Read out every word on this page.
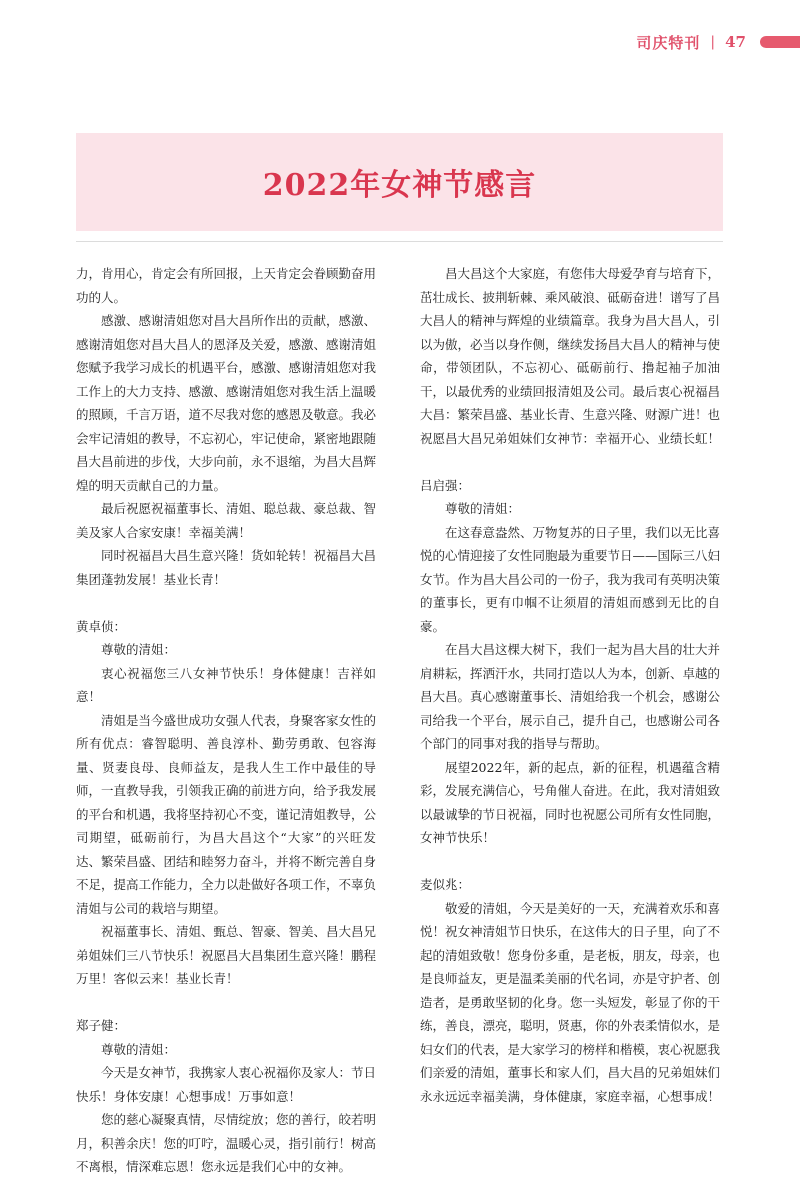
司庆特刊 | 47
2022年女神节感言

力，肯用心，肯定会有所回报，上天肯定会眷顾勤奋用功的人。

感激、感谢清姐您对昌大昌所作出的贡献，感激、感谢清姐您对昌大昌人的恩泽及关爱，感激、感谢清姐您赋予我学习成长的机遇平台，感激、感谢清姐您对我工作上的大力支持、感激、感谢清姐您对我生活上温暖的照顾，千言万语，道不尽我对您的感恩及敬意。我必会牢记清姐的教导，不忘初心，牢记使命，紧密地跟随昌大昌前进的步伐，大步向前，永不退缩，为昌大昌辉煌的明天贡献自己的力量。

最后祝愿祝福董事长、清姐、聪总裁、豪总裁、智美及家人合家安康！幸福美满！

同时祝福昌大昌生意兴隆！货如轮转！祝福昌大昌集团蓬勃发展！基业长青！

黄卓侦：

尊敬的清姐：

衷心祝福您三八女神节快乐！身体健康！吉祥如意！

清姐是当今盛世成功女强人代表，身聚客家女性的所有优点：睿智聪明、善良淳朴、勤劳勇敢、包容海量、贤妻良母、良师益友，是我人生工作中最佳的导师，一直教导我，引领我正确的前进方向，给予我发展的平台和机遇，我将坚持初心不变，谨记清姐教导，公司期望，砥砺前行，为昌大昌这个“大家”的兴旺发达、繁荣昌盛、团结和睦努力奋斗，并将不断完善自身不足，提高工作能力，全力以赴做好各项工作，不辜负清姐与公司的栽培与期望。

祝福董事长、清姐、甄总、智豪、智美、昌大昌兄弟姐妹们三八节快乐！祝愿昌大昌集团生意兴隆！鹏程万里！客似云来！基业长青！

郑子健：

尊敬的清姐：

今天是女神节，我携家人衷心祝福你及家人：节日快乐！身体安康！心想事成！万事如意！

您的慈心凝聚真情，尽情绽放；您的善行，皎若明月，积善余庆！您的叮咛，温暖心灵，指引前行！树高不离根，情深难忘恩！您永远是我们心中的女神。

昌大昌这个大家庭，有您伟大母爱孕育与培育下，茁壮成长、披荆斩棘、乘风破浪、砥砺奋进！谱写了昌大昌人的精神与辉煌的业绩篇章。我身为昌大昌人，引以为傲，必当以身作侧，继续发扬昌大昌人的精神与使命，带领团队，不忘初心、砥砺前行、撸起袖子加油干，以最优秀的业绩回报清姐及公司。最后衷心祝福昌大昌：繁荣昌盛、基业长青、生意兴隆、财源广进！也祝愿昌大昌兄弟姐妹们女神节：幸福开心、业绩长虹！

吕启强：

尊敬的清姐：

在这春意盎然、万物复苏的日子里，我们以无比喜悦的心情迎接了女性同胞最为重要节日——国际三八妇女节。作为昌大昌公司的一份子，我为我司有英明决策的董事长，更有巾帼不让须眉的清姐而感到无比的自豪。

在昌大昌这棵大树下，我们一起为昌大昌的壮大并肩耕耘，挥洒汗水，共同打造以人为本，创新、卓越的昌大昌。真心感谢董事长、清姐给我一个机会，感谢公司给我一个平台，展示自己，提升自己，也感谢公司各个部门的同事对我的指导与帮助。

展望2022年，新的起点，新的征程，机遇蕴含精彩，发展充满信心，号角催人奋进。在此，我对清姐致以最诚挚的节日祝福，同时也祝愿公司所有女性同胞，女神节快乐！

麦似兆：

敬爱的清姐，今天是美好的一天，充满着欢乐和喜悦！祝女神清姐节日快乐，在这伟大的日子里，向了不起的清姐致敬！您身份多重，是老板，朋友，母亲，也是良师益友，更是温柔美丽的代名词，亦是守护者、创造者，是勇敢坚韧的化身。您一头短发，彰显了你的干练，善良，漂亮，聪明，贤惠，你的外表柔情似水，是妇女们的代表，是大家学习的榜样和楷模，衷心祝愿我们亲爱的清姐，董事长和家人们，昌大昌的兄弟姐妹们永永远远幸福美满，身体健康，家庭幸福，心想事成！
